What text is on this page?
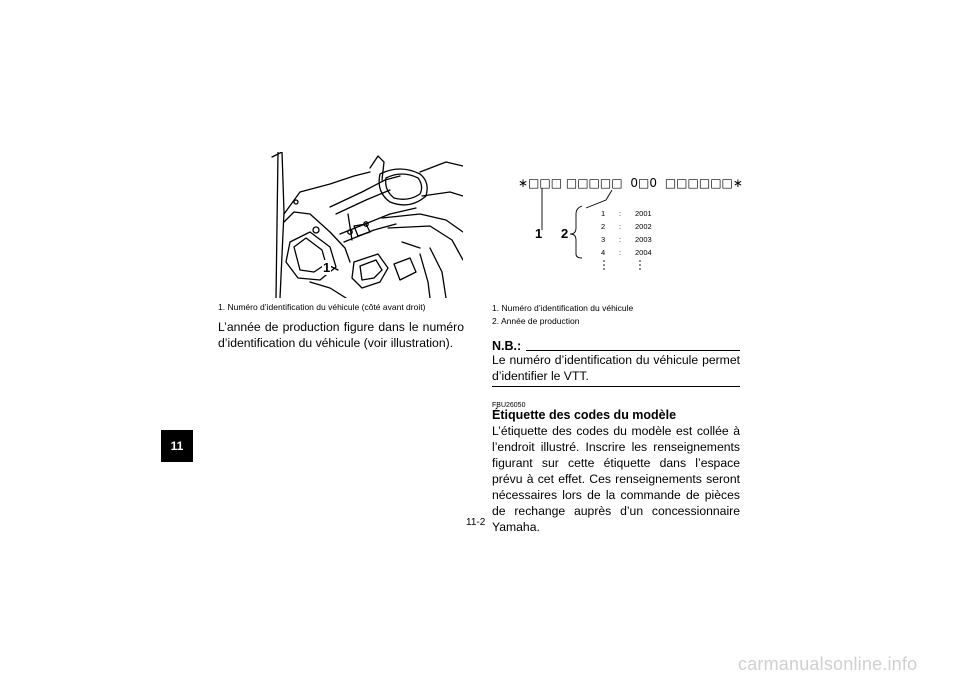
11
1
1. Numéro d’identification du véhicule (côté avant droit)
L’année de production figure dans le numéro d’identification du véhicule (voir illustration).
∗□□□ □□□□□ 0□0 □□□□□□∗
1 2
1	:	2001
2	:	2002
3	:	2003
4	:	2004
1. Numéro d’identification du véhicule
2. Année de production
N.B.:
Le numéro d’identification du véhicule permet d’identifier le VTT.
FBU26050
Étiquette des codes du modèle
L’étiquette des codes du modèle est collée à l’endroit illustré. Inscrire les renseignements figurant sur cette étiquette dans l’espace prévu à cet effet. Ces renseignements seront nécessaires lors de la commande de pièces de rechange auprès d’un concessionnaire Yamaha.
11-2
carmanualsonline.info
